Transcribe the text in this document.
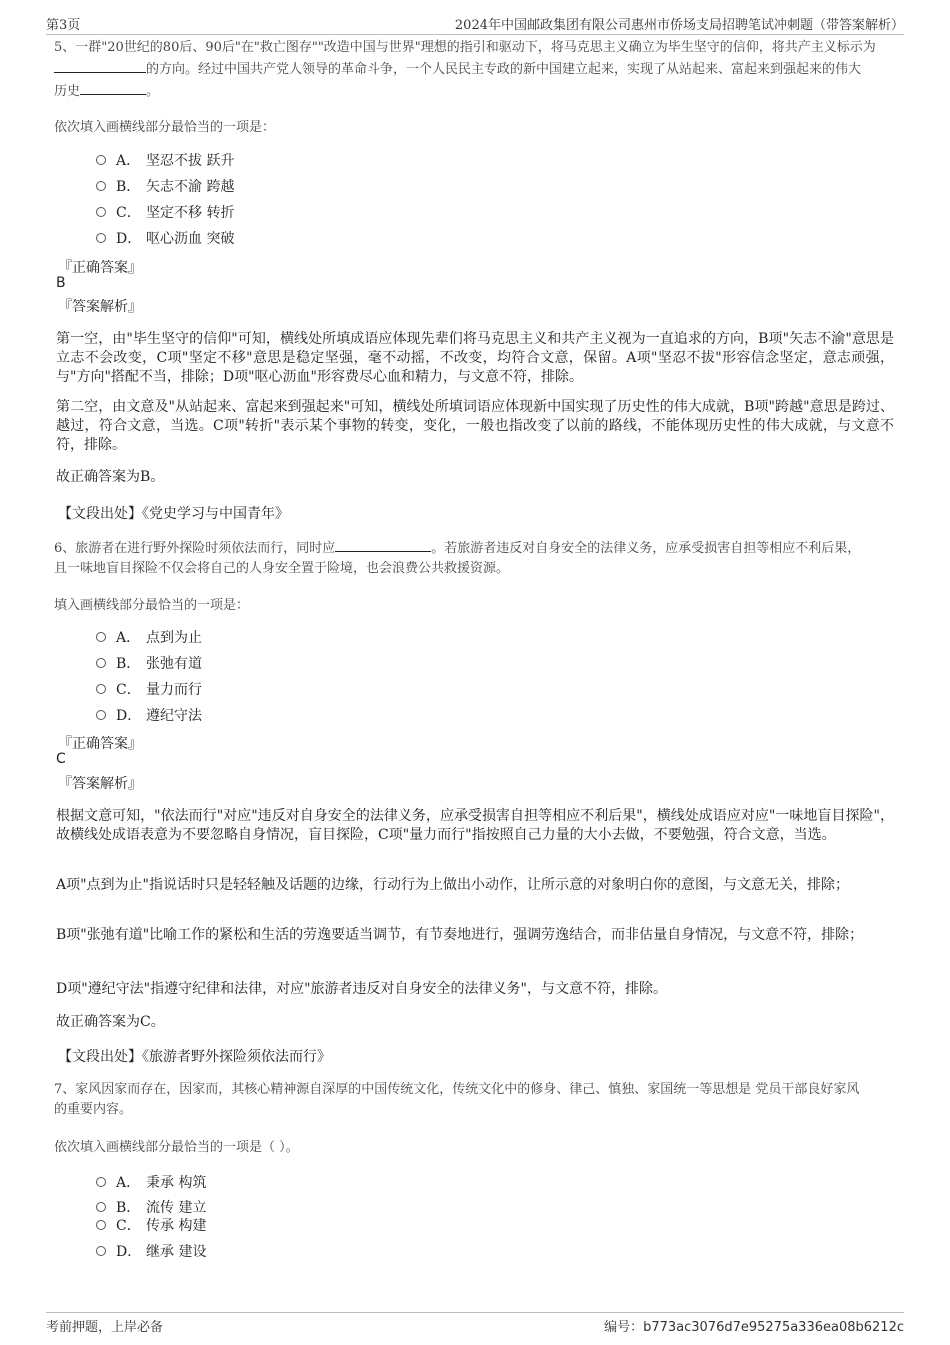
第3页	2024年中国邮政集团有限公司惠州市侨场支局招聘笔试冲刺题（带答案解析）
5、一群"20世纪的80后、90后"在"救亡图存""改造中国与世界"理想的指引和驱动下，将马克思主义确立为毕生坚守的信仰，将共产主义标示为
的方向。经过中国共产党人领导的革命斗争，一个人民民主专政的新中国建立起来，实现了从站起来、富起来到强起来的伟大
历史	。
依次填入画横线部分最恰当的一项是：
A． 坚忍不拔 跃升
B． 矢志不渝 跨越
C． 坚定不移 转折
D． 呕心沥血 突破
『正确答案』
B
『答案解析』
第一空，由"毕生坚守的信仰"可知，横线处所填成语应体现先辈们将马克思主义和共产主义视为一直追求的方向，B项"矢志不渝"意思是立志不会改变，C项"坚定不移"意思是稳定坚强，毫不动摇，不改变，均符合文意，保留。A项"坚忍不拔"形容信念坚定，意志顽强，与"方向"搭配不当，排除；D项"呕心沥血"形容费尽心血和精力，与文意不符，排除。
第二空，由文意及"从站起来、富起来到强起来"可知，横线处所填词语应体现新中国实现了历史性的伟大成就，B项"跨越"意思是跨过、越过，符合文意，当选。C项"转折"表示某个事物的转变，变化，一般也指改变了以前的路线，不能体现历史性的伟大成就，与文意不符，排除。
故正确答案为B。
【文段出处】《党史学习与中国青年》
6、旅游者在进行野外探险时须依法而行，同时应	。若旅游者违反对自身安全的法律义务，应承受损害自担等相应不利后果，
且一味地盲目探险不仅会将自己的人身安全置于险境，也会浪费公共救援资源。
填入画横线部分最恰当的一项是：
A． 点到为止
B． 张弛有道
C． 量力而行
D． 遵纪守法
『正确答案』
C
『答案解析』
根据文意可知，"依法而行"对应"违反对自身安全的法律义务，应承受损害自担等相应不利后果"，横线处成语应对应"一味地盲目探险"，故横线处成语表意为不要忽略自身情况，盲目探险，C项"量力而行"指按照自己力量的大小去做，不要勉强，符合文意，当选。
A项"点到为止"指说话时只是轻轻触及话题的边缘，行动行为上做出小动作，让所示意的对象明白你的意图，与文意无关，排除；
B项"张弛有道"比喻工作的紧松和生活的劳逸要适当调节，有节奏地进行，强调劳逸结合，而非估量自身情况，与文意不符，排除；
D项"遵纪守法"指遵守纪律和法律，对应"旅游者违反对自身安全的法律义务"，与文意不符，排除。
故正确答案为C。
【文段出处】《旅游者野外探险须依法而行》
7、家风因家而存在，因家而，其核心精神源自深厚的中国传统文化，传统文化中的修身、律己、慎独、家国统一等思想是 党员干部良好家风
的重要内容。
依次填入画横线部分最恰当的一项是（ ）。
A． 秉承 构筑
B． 流传 建立
C． 传承 构建
D． 继承 建设
考前押题，上岸必备	编号：b773ac3076d7e95275a336ea08b6212c
